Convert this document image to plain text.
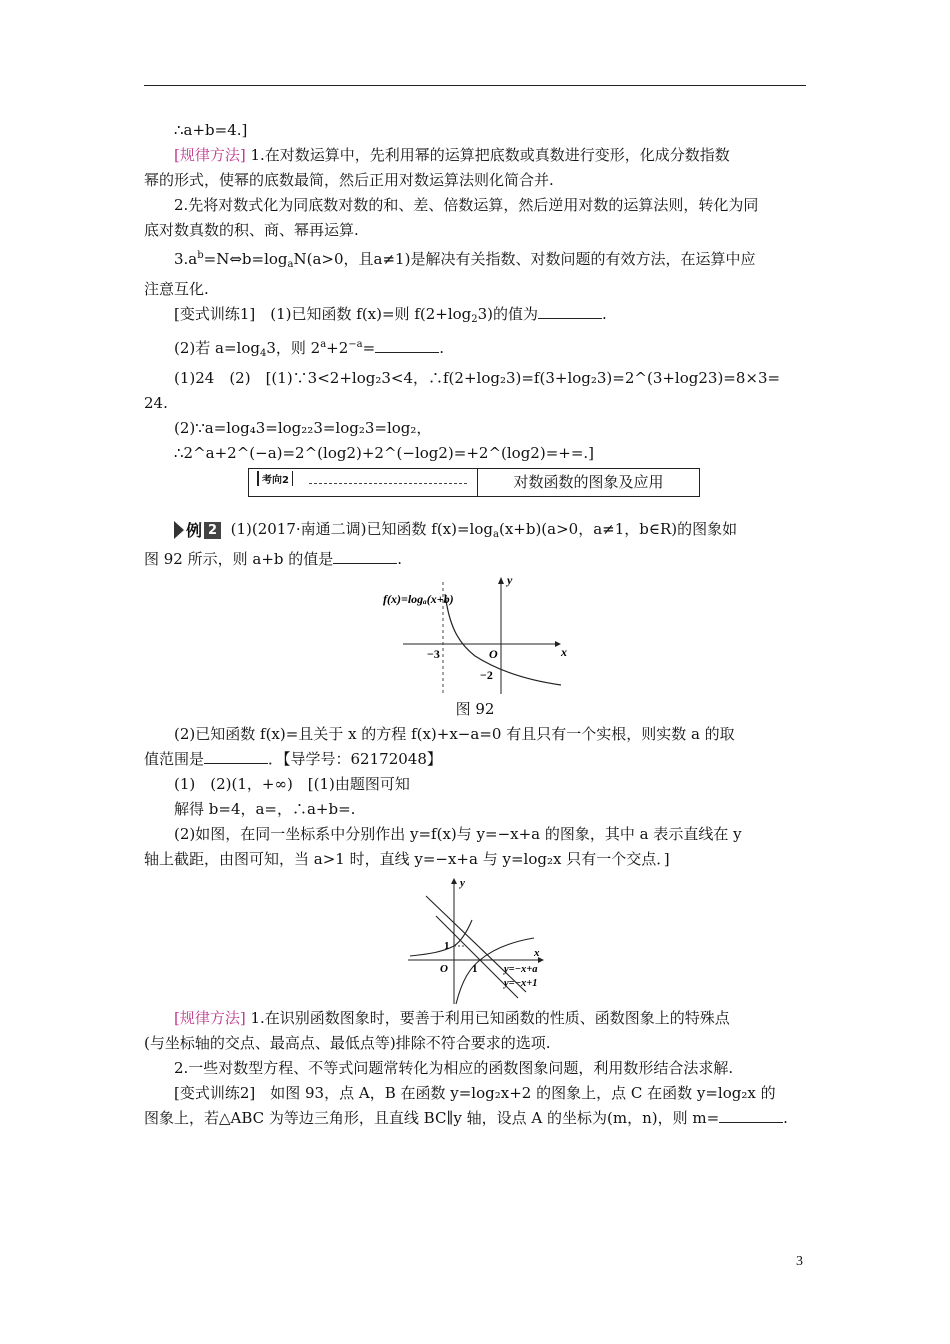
∴a+b=4.]

[规律方法] 1.在对数运算中，先利用幂的运算把底数或真数进行变形，化成分数指数

幂的形式，使幂的底数最简，然后正用对数运算法则化简合并.

2.先将对数式化为同底数对数的和、差、倍数运算，然后逆用对数的运算法则，转化为同

底对数真数的积、商、幂再运算.

$3.a^b=N\Leftrightarrow b=\log_aN(a>0$，且a≠1)是解决有关指数、对数问题的有效方法，在运算中应

注意互化.

[变式训练1]　(1)已知函数 f(x)=则 $f(2+\log_23)$的值为	.

(2)若 $a=\log_43$，则 $2^a+2^{-a}=$	.

(1)24　(2)　[(1)∵3<2+log₂3<4，∴f(2+log₂3)=f(3+log₂3)=2^(3+log23)=8×3=

24.

(2)∵a=log₄3=log₂₂3=log₂3=log₂，

∴2^a+2^(−a)=2^(log2)+2^(−log2)=+2^(log2)=+=.]

考向2	对数函数的图象及应用

例 2 (1)(2017·南通二调)已知函数 $f(x)=\log_a(x+b)(a>0$，a≠1，b∈R)的图象如

图 92 所示，则 a+b 的值是	.

f(x)=logₐ(x+b)
y
x
O
−3
−2

图 92

(2)已知函数 f(x)=且关于 x 的方程 f(x)+x−a=0 有且只有一个实根，则实数 a 的取

值范围是	．【导学号：62172048】

(1)　(2)(1，+∞)　[(1)由题图可知

解得 b=4，a=，∴a+b=.

(2)如图，在同一坐标系中分别作出 y=f(x)与 y=−x+a 的图象，其中 a 表示直线在 y

轴上截距，由图可知，当 a>1 时，直线 y=−x+a 与 y=log₂x 只有一个交点．]

y
x
O 1
1
y=−x+a
y=−x+1

[规律方法] 1.在识别函数图象时，要善于利用已知函数的性质、函数图象上的特殊点

(与坐标轴的交点、最高点、最低点等)排除不符合要求的选项.

2.一些对数型方程、不等式问题常转化为相应的函数图象问题，利用数形结合法求解.

[变式训练2]　如图 93，点 A，B 在函数 y=log₂x+2 的图象上，点 C 在函数 y=log₂x 的

图象上，若△ABC 为等边三角形，且直线 BC∥y 轴，设点 A 的坐标为(m，n)，则 m=	.

3
